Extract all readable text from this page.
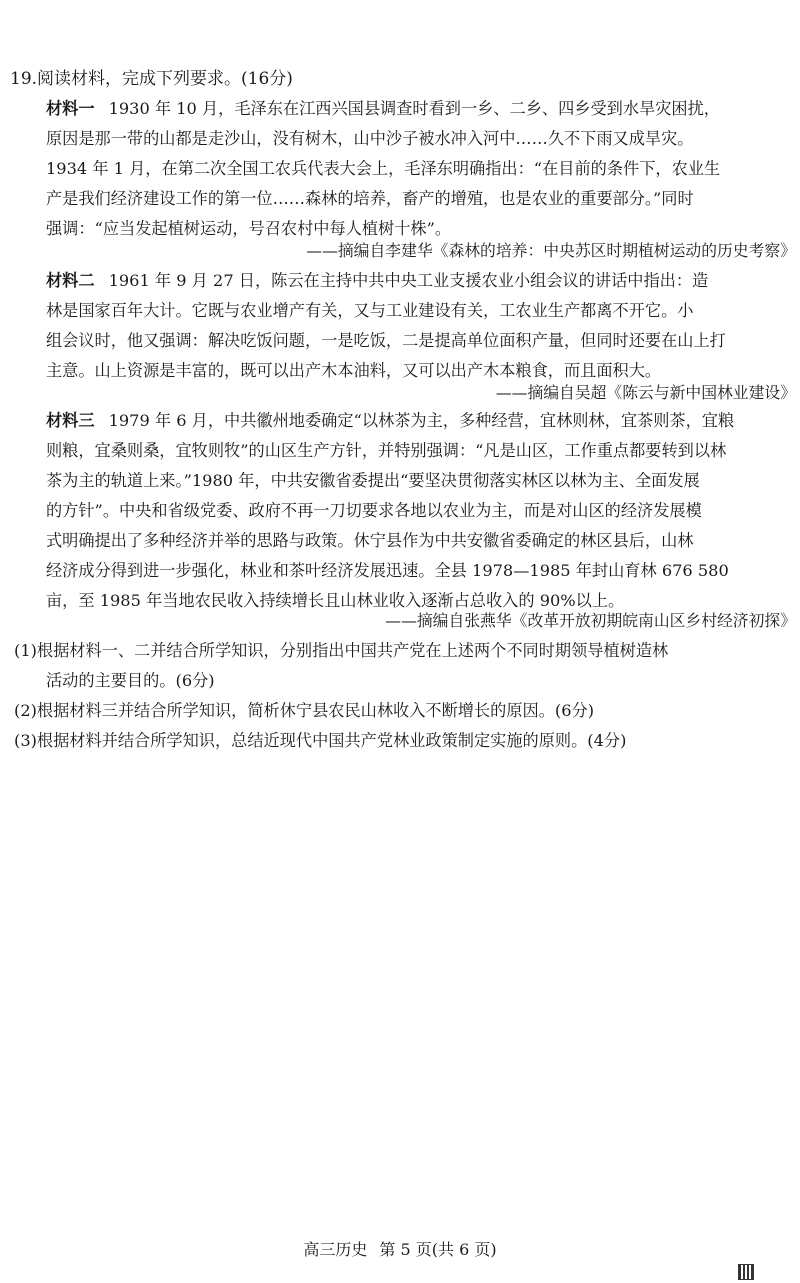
19.阅读材料，完成下列要求。(16分)
材料一 1930 年 10 月，毛泽东在江西兴国县调查时看到一乡、二乡、四乡受到水旱灾困扰，
原因是那一带的山都是走沙山，没有树木，山中沙子被水冲入河中……久不下雨又成旱灾。
1934 年 1 月，在第二次全国工农兵代表大会上，毛泽东明确指出：“在目前的条件下，农业生
产是我们经济建设工作的第一位……森林的培养，畜产的增殖，也是农业的重要部分。”同时
强调：“应当发起植树运动，号召农村中每人植树十株”。
——摘编自李建华《森林的培养：中央苏区时期植树运动的历史考察》
材料二 1961 年 9 月 27 日，陈云在主持中共中央工业支援农业小组会议的讲话中指出：造
林是国家百年大计。它既与农业增产有关，又与工业建设有关，工农业生产都离不开它。小
组会议时，他又强调：解决吃饭问题，一是吃饭，二是提高单位面积产量，但同时还要在山上打
主意。山上资源是丰富的，既可以出产木本油料，又可以出产木本粮食，而且面积大。
——摘编自吴超《陈云与新中国林业建设》
材料三 1979 年 6 月，中共徽州地委确定“以林茶为主，多种经营，宜林则林，宜茶则茶，宜粮
则粮，宜桑则桑，宜牧则牧”的山区生产方针，并特别强调：“凡是山区，工作重点都要转到以林
茶为主的轨道上来。”1980 年，中共安徽省委提出“要坚决贯彻落实林区以林为主、全面发展
的方针”。中央和省级党委、政府不再一刀切要求各地以农业为主，而是对山区的经济发展模
式明确提出了多种经济并举的思路与政策。休宁县作为中共安徽省委确定的林区县后，山林
经济成分得到进一步强化，林业和茶叶经济发展迅速。全县 1978—1985 年封山育林 676 580
亩，至 1985 年当地农民收入持续增长且山林业收入逐渐占总收入的 90%以上。
——摘编自张燕华《改革开放初期皖南山区乡村经济初探》
(1)根据材料一、二并结合所学知识，分别指出中国共产党在上述两个不同时期领导植树造林
活动的主要目的。(6分)
(2)根据材料三并结合所学知识，简析休宁县农民山林收入不断增长的原因。(6分)
(3)根据材料并结合所学知识，总结近现代中国共产党林业政策制定实施的原则。(4分)
高三历史 第 5 页(共 6 页)
